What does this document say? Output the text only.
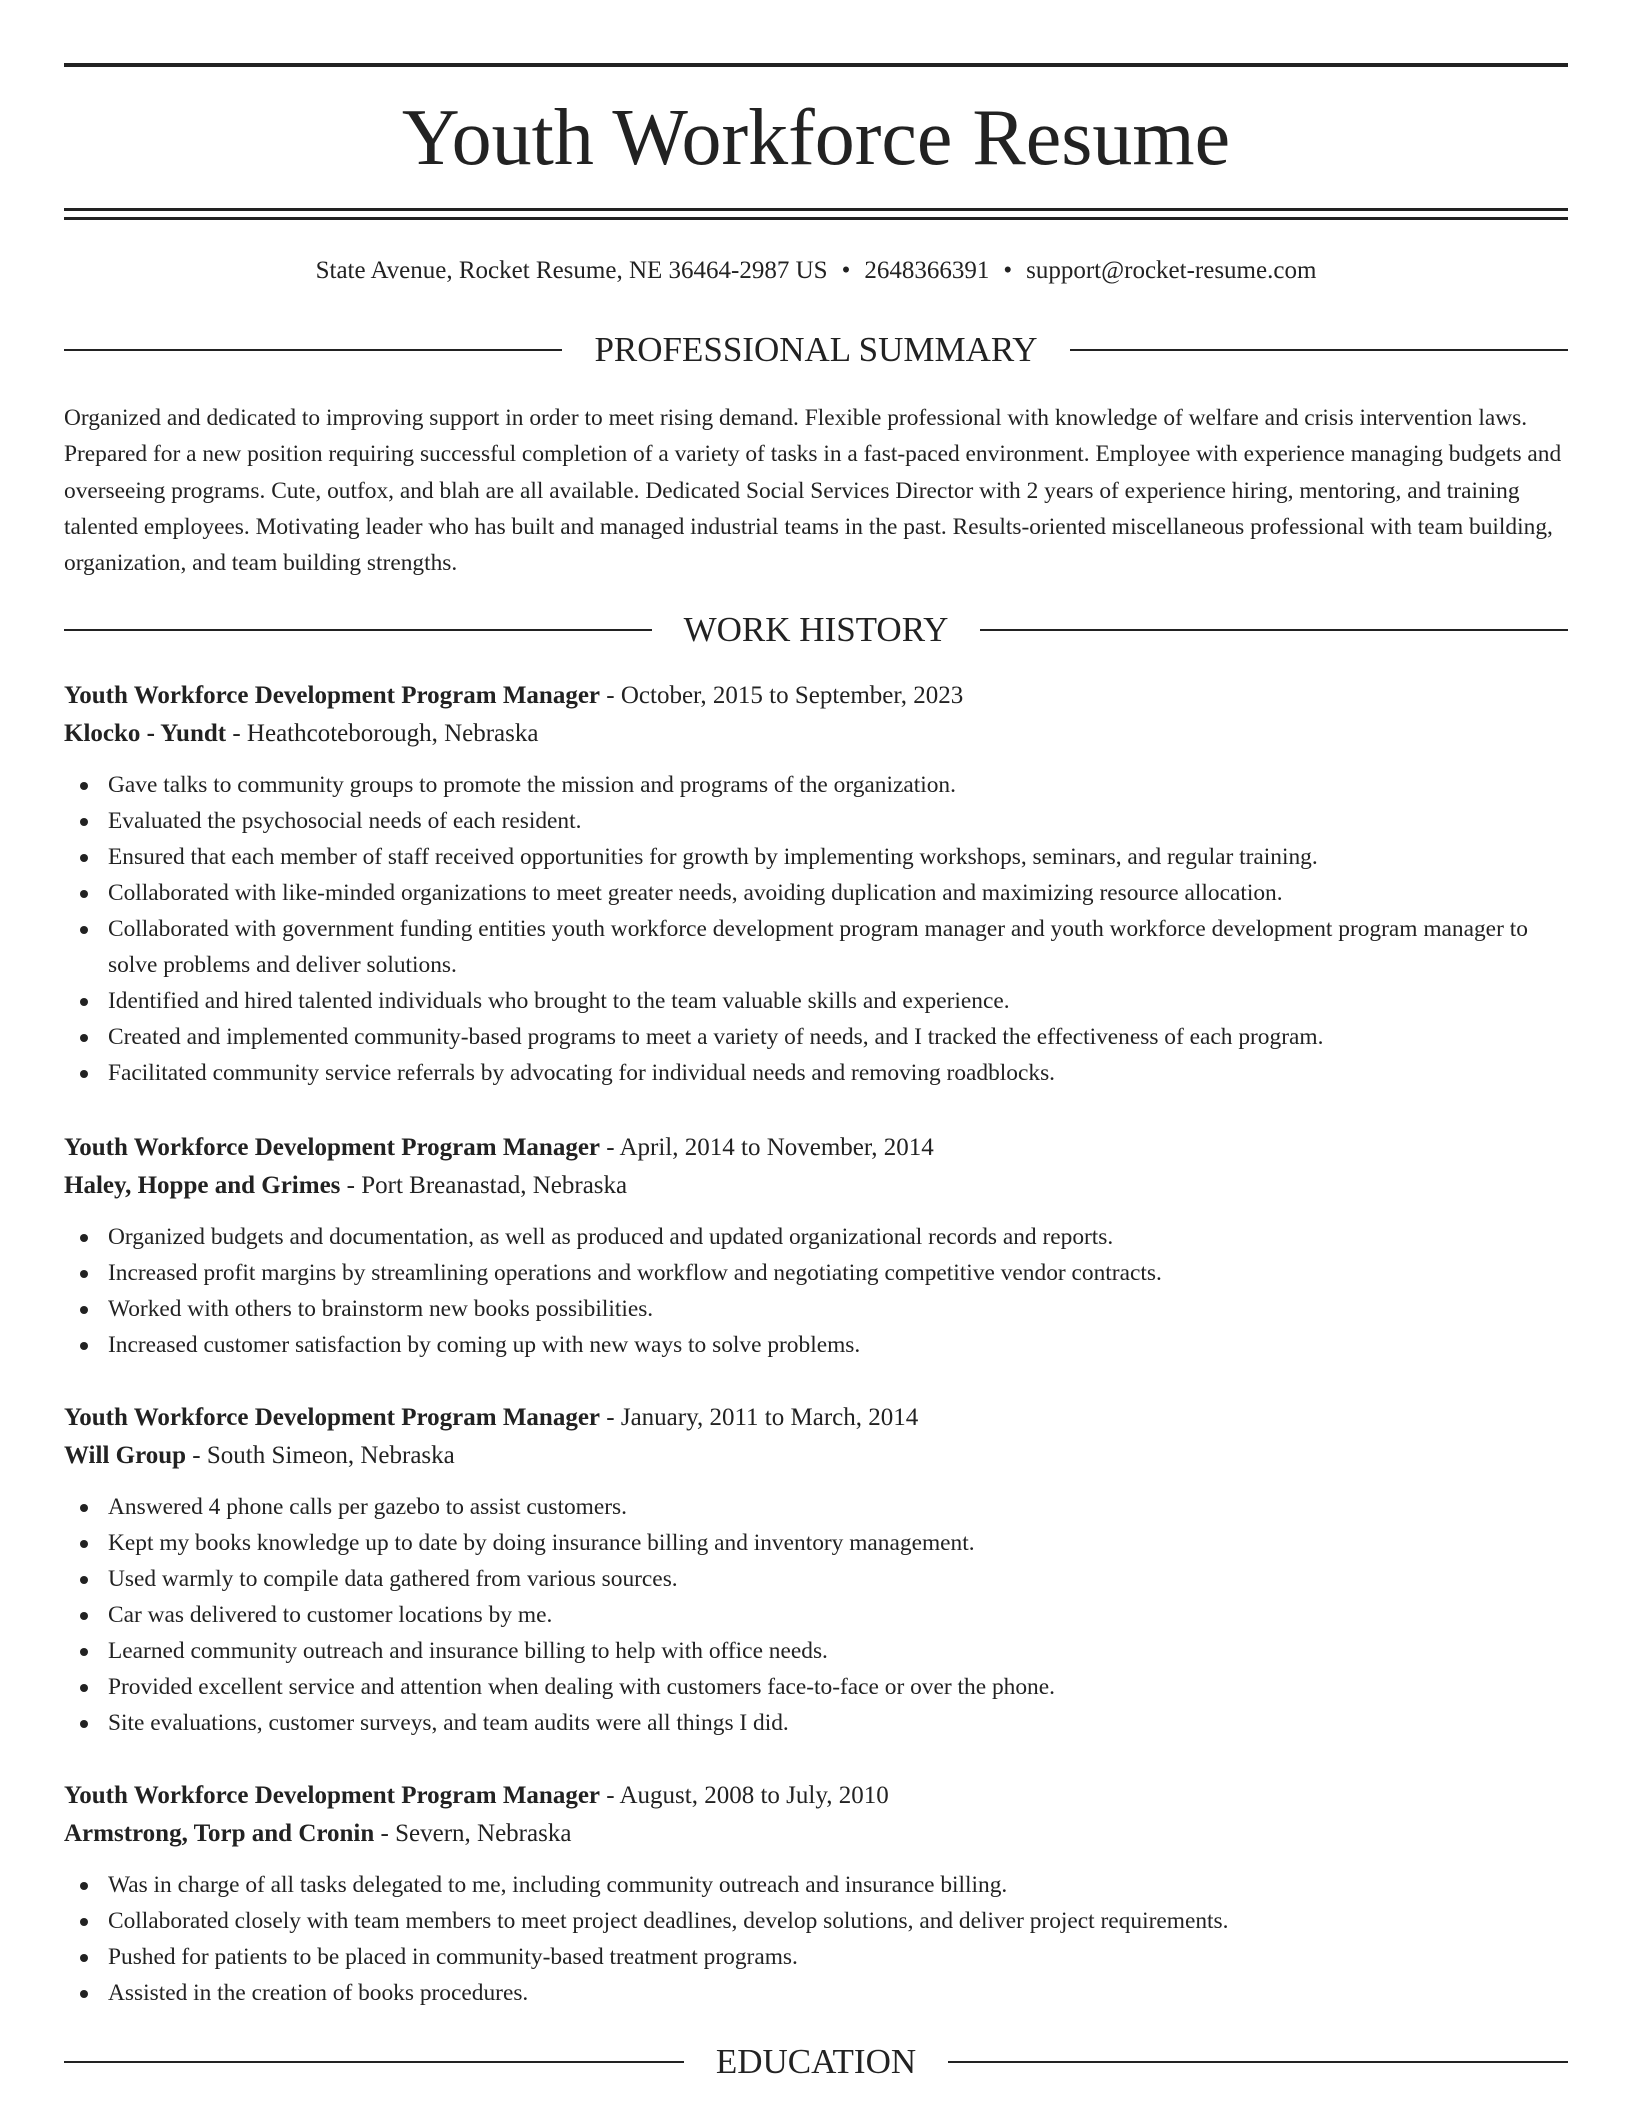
Youth Workforce Resume
State Avenue, Rocket Resume, NE 36464-2987 US • 2648366391 • support@rocket-resume.com
PROFESSIONAL SUMMARY

Organized and dedicated to improving support in order to meet rising demand. Flexible professional with knowledge of welfare and crisis intervention laws. Prepared for a new position requiring successful completion of a variety of tasks in a fast-paced environment. Employee with experience managing budgets and overseeing programs. Cute, outfox, and blah are all available. Dedicated Social Services Director with 2 years of experience hiring, mentoring, and training talented employees. Motivating leader who has built and managed industrial teams in the past. Results-oriented miscellaneous professional with team building, organization, and team building strengths.

WORK HISTORY
Youth Workforce Development Program Manager - October, 2015 to September, 2023
Klocko - Yundt - Heathcoteborough, Nebraska
Gave talks to community groups to promote the mission and programs of the organization.
Evaluated the psychosocial needs of each resident.
Ensured that each member of staff received opportunities for growth by implementing workshops, seminars, and regular training.
Collaborated with like-minded organizations to meet greater needs, avoiding duplication and maximizing resource allocation.
Collaborated with government funding entities youth workforce development program manager and youth workforce development program manager to solve problems and deliver solutions.
Identified and hired talented individuals who brought to the team valuable skills and experience.
Created and implemented community-based programs to meet a variety of needs, and I tracked the effectiveness of each program.
Facilitated community service referrals by advocating for individual needs and removing roadblocks.
Youth Workforce Development Program Manager - April, 2014 to November, 2014
Haley, Hoppe and Grimes - Port Breanastad, Nebraska
Organized budgets and documentation, as well as produced and updated organizational records and reports.
Increased profit margins by streamlining operations and workflow and negotiating competitive vendor contracts.
Worked with others to brainstorm new books possibilities.
Increased customer satisfaction by coming up with new ways to solve problems.
Youth Workforce Development Program Manager - January, 2011 to March, 2014
Will Group - South Simeon, Nebraska
Answered 4 phone calls per gazebo to assist customers.
Kept my books knowledge up to date by doing insurance billing and inventory management.
Used warmly to compile data gathered from various sources.
Car was delivered to customer locations by me.
Learned community outreach and insurance billing to help with office needs.
Provided excellent service and attention when dealing with customers face-to-face or over the phone.
Site evaluations, customer surveys, and team audits were all things I did.
Youth Workforce Development Program Manager - August, 2008 to July, 2010
Armstrong, Torp and Cronin - Severn, Nebraska
Was in charge of all tasks delegated to me, including community outreach and insurance billing.
Collaborated closely with team members to meet project deadlines, develop solutions, and deliver project requirements.
Pushed for patients to be placed in community-based treatment programs.
Assisted in the creation of books procedures.
EDUCATION
